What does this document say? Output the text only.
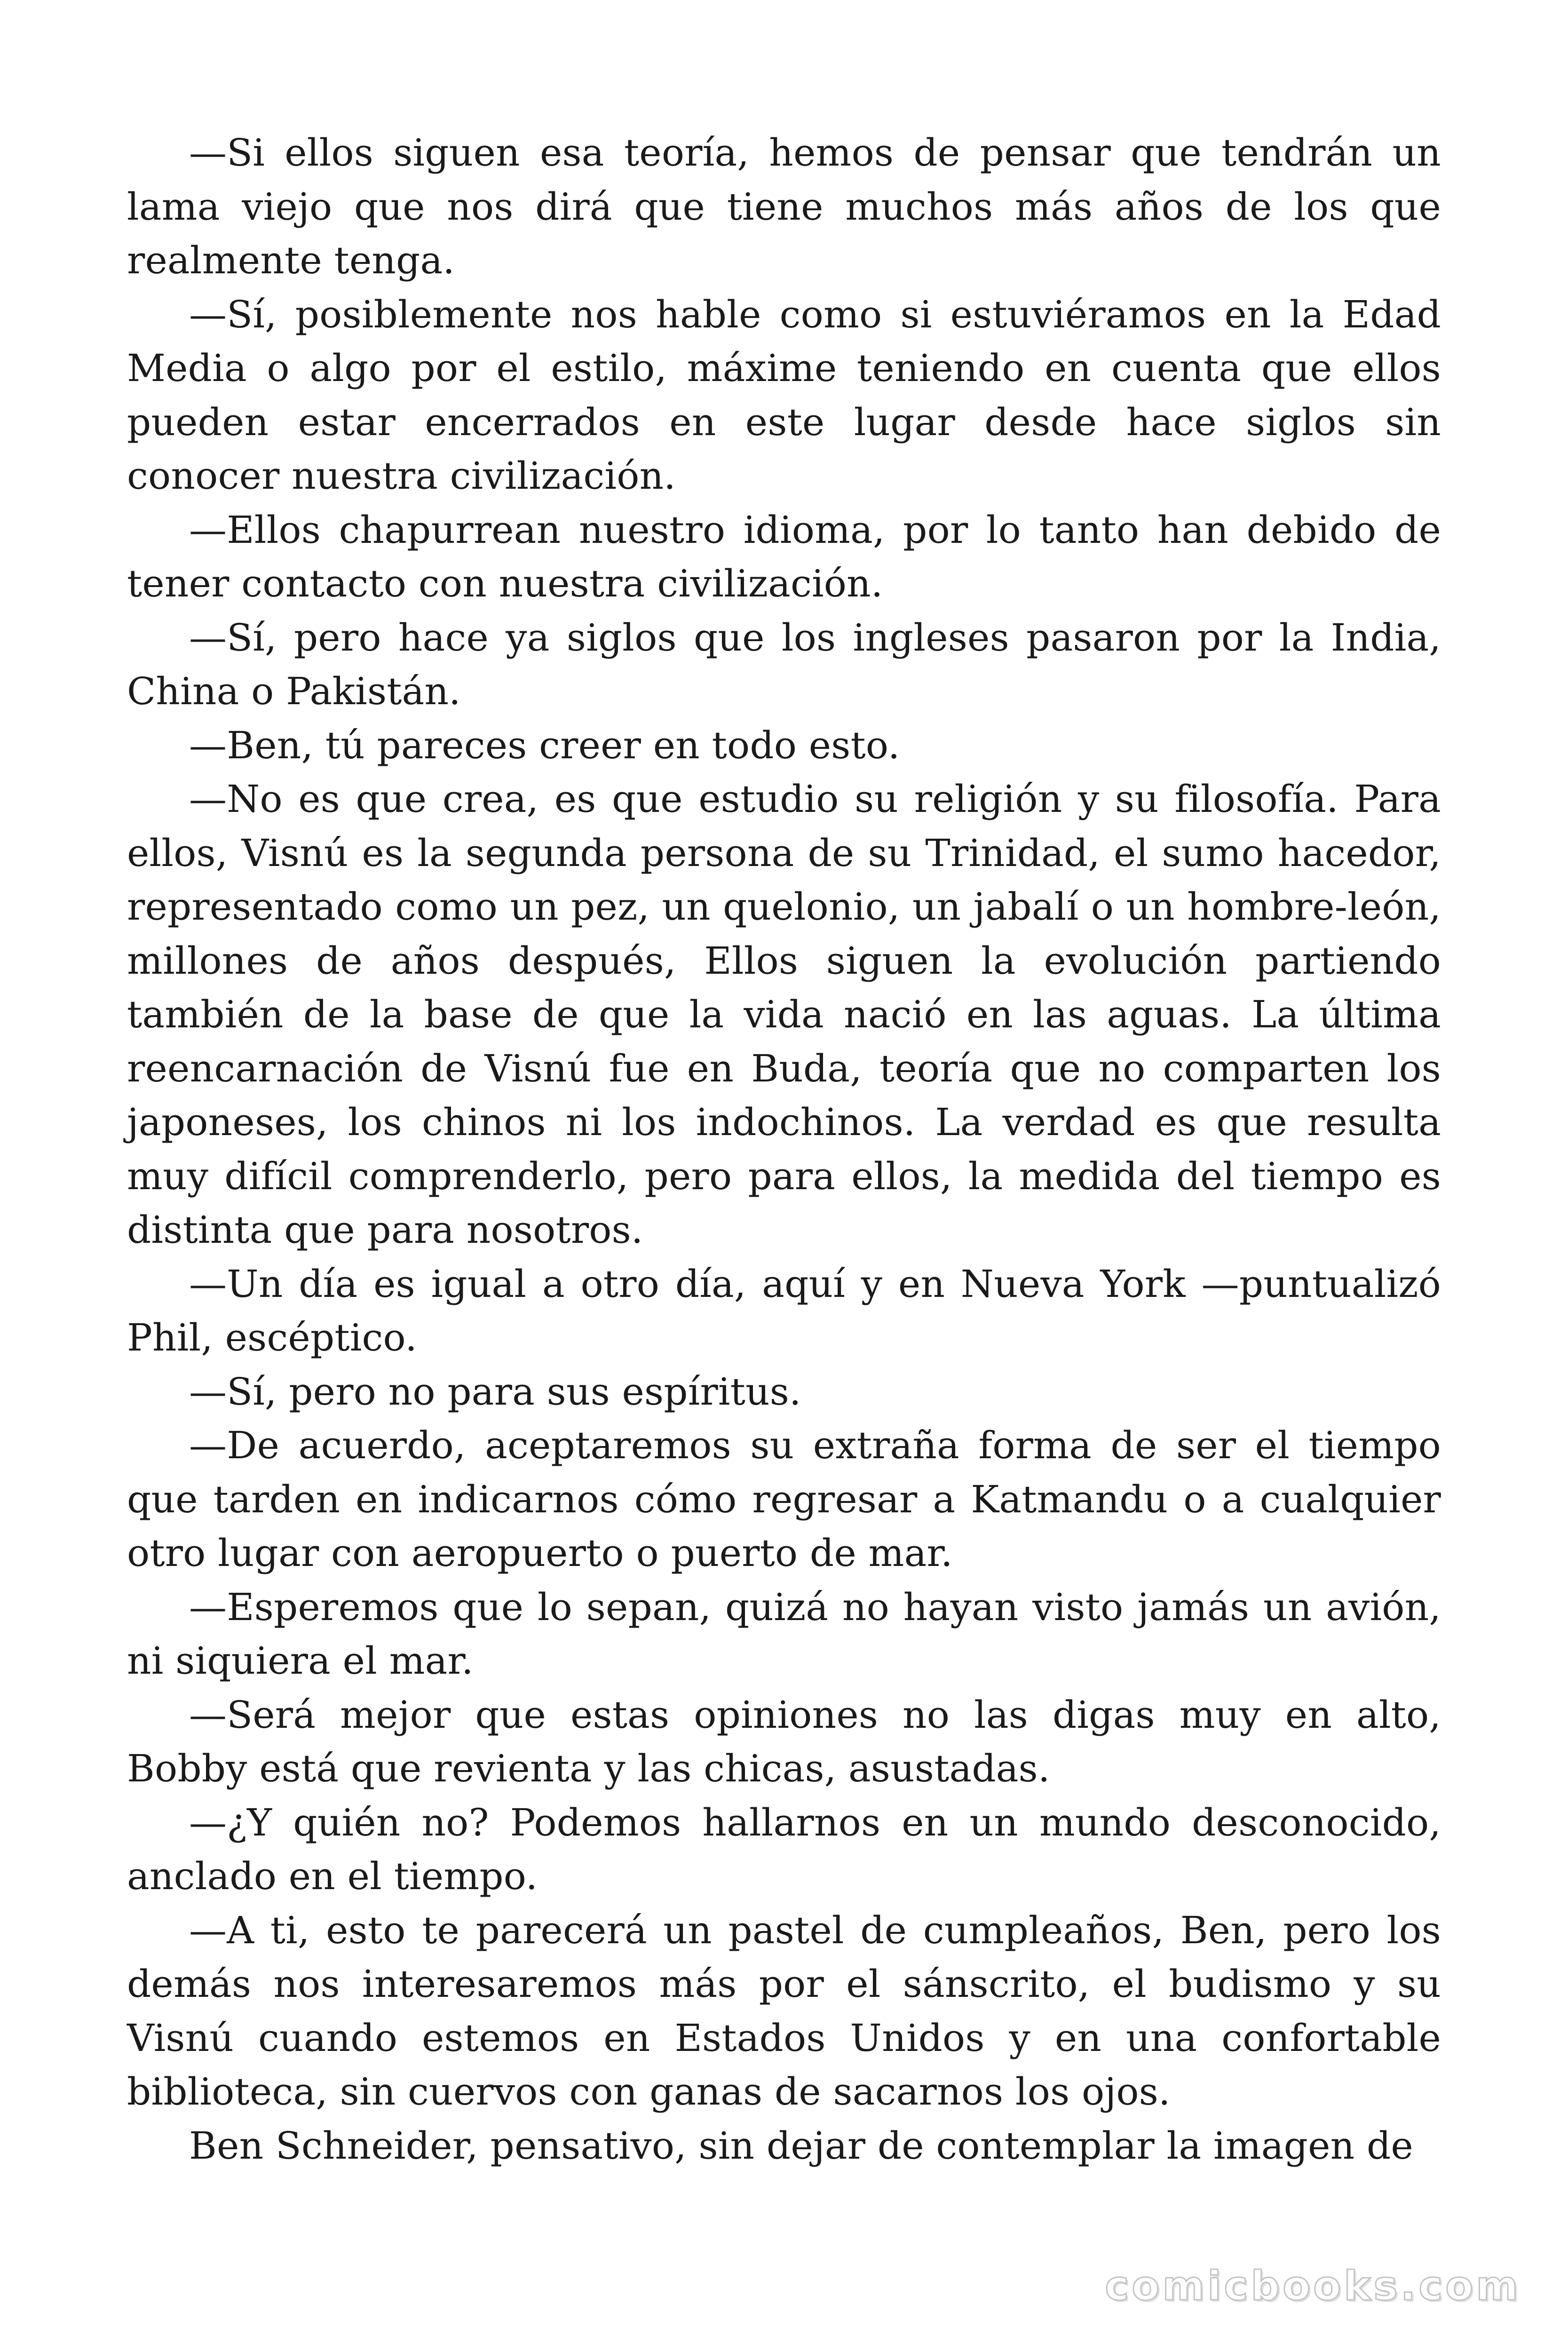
—Si ellos siguen esa teoría, hemos de pensar que tendrán un lama viejo que nos dirá que tiene muchos más años de los que realmente tenga.

—Sí, posiblemente nos hable como si estuviéramos en la Edad Media o algo por el estilo, máxime teniendo en cuenta que ellos pueden estar encerrados en este lugar desde hace siglos sin conocer nuestra civilización.

—Ellos chapurrean nuestro idioma, por lo tanto han debido de tener contacto con nuestra civilización.

—Sí, pero hace ya siglos que los ingleses pasaron por la India, China o Pakistán.

—Ben, tú pareces creer en todo esto.

—No es que crea, es que estudio su religión y su filosofía. Para ellos, Visnú es la segunda persona de su Trinidad, el sumo hacedor, representado como un pez, un quelonio, un jabalí o un hombre-león, millones de años después, Ellos siguen la evolución partiendo también de la base de que la vida nació en las aguas. La última reencarnación de Visnú fue en Buda, teoría que no comparten los japoneses, los chinos ni los indochinos. La verdad es que resulta muy difícil comprenderlo, pero para ellos, la medida del tiempo es distinta que para nosotros.

—Un día es igual a otro día, aquí y en Nueva York —puntualizó Phil, escéptico.

—Sí, pero no para sus espíritus.

—De acuerdo, aceptaremos su extraña forma de ser el tiempo que tarden en indicarnos cómo regresar a Katmandu o a cualquier otro lugar con aeropuerto o puerto de mar.

—Esperemos que lo sepan, quizá no hayan visto jamás un avión, ni siquiera el mar.

—Será mejor que estas opiniones no las digas muy en alto, Bobby está que revienta y las chicas, asustadas.

—¿Y quién no? Podemos hallarnos en un mundo desconocido, anclado en el tiempo.

—A ti, esto te parecerá un pastel de cumpleaños, Ben, pero los demás nos interesaremos más por el sánscrito, el budismo y su Visnú cuando estemos en Estados Unidos y en una confortable biblioteca, sin cuervos con ganas de sacarnos los ojos.

Ben Schneider, pensativo, sin dejar de contemplar la imagen de

comicbooks.com
